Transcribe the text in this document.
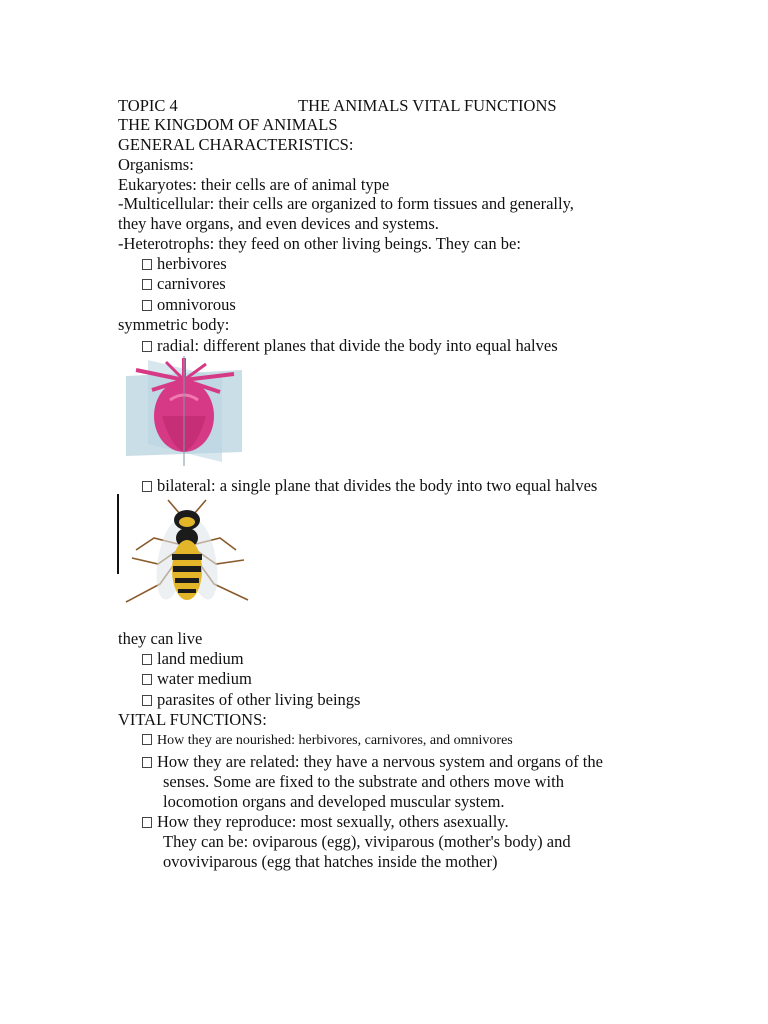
TOPIC 4	THE ANIMALS VITAL FUNCTIONS
THE KINGDOM OF ANIMALS
GENERAL CHARACTERISTICS:
Organisms:
Eukaryotes: their cells are of animal type
-Multicellular: their cells are organized to form tissues and generally,
they have organs, and even devices and systems.
-Heterotrophs: they feed on other living beings. They can be:
herbivores
carnivores
omnivorous
symmetric body:
radial: different planes that divide the body into equal halves
bilateral: a single plane that divides the body into two equal halves
they can live
land medium
water medium
parasites of other living beings
VITAL FUNCTIONS:
How they are nourished: herbivores, carnivores, and omnivores
How they are related: they have a nervous system and organs of the
senses. Some are fixed to the substrate and others move with
locomotion organs and developed muscular system.
How they reproduce: most sexually, others asexually.
They can be: oviparous (egg), viviparous (mother's body) and
ovoviviparous (egg that hatches inside the mother)
